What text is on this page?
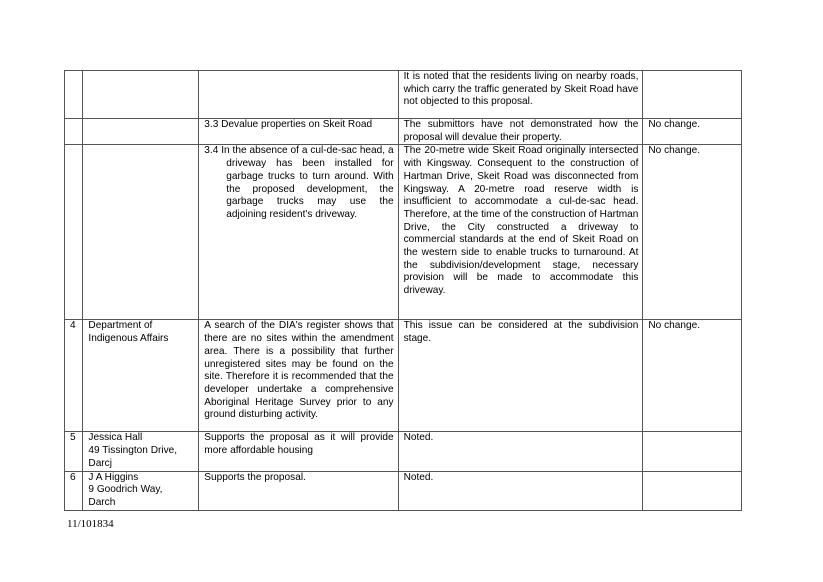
			It is noted that the residents living on nearby roads, which carry the traffic generated by Skeit Road have not objected to this proposal.	
		3.3 Devalue properties on Skeit Road	The submittors have not demonstrated how the proposal will devalue their property.	No change.

		3.4 In the absence of a cul-de-sac head, a driveway has been installed for garbage trucks to turn around. With the proposed development, the garbage trucks may use the adjoining resident's driveway.	The 20-metre wide Skeit Road originally intersected with Kingsway. Consequent to the construction of Hartman Drive, Skeit Road was disconnected from Kingsway. A 20-metre road reserve width is insufficient to accommodate a cul-de-sac head. Therefore, at the time of the construction of Hartman Drive, the City constructed a driveway to commercial standards at the end of Skeit Road on the western side to enable trucks to turnaround. At the subdivision/development stage, necessary provision will be made to accommodate this driveway.	No change.
4	Department of Indigenous Affairs	A search of the DIA's register shows that there are no sites within the amendment area. There is a possibility that further unregistered sites may be found on the site. Therefore it is recommended that the developer undertake a comprehensive Aboriginal Heritage Survey prior to any ground disturbing activity.	This issue can be considered at the subdivision stage.	No change.
5	Jessica Hall
49 Tissington Drive,
Darcj	Supports the proposal as it will provide more affordable housing	Noted.	
6	J A Higgins
9 Goodrich Way,
Darch	Supports the proposal.	Noted.	
11/101834
